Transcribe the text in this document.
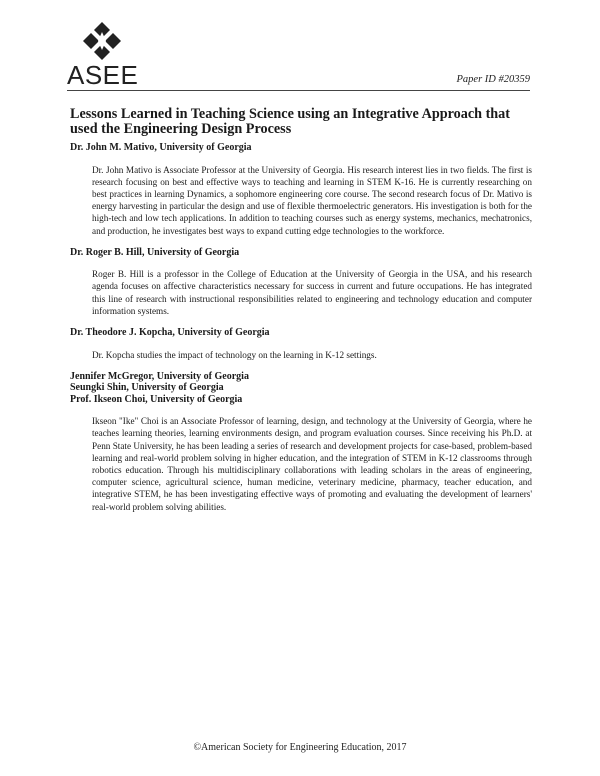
ASEE	Paper ID #20359
Lessons Learned in Teaching Science using an Integrative Approach that used the Engineering Design Process
Dr. John M. Mativo, University of Georgia

Dr. John Mativo is Associate Professor at the University of Georgia. His research interest lies in two fields. The first is research focusing on best and effective ways to teaching and learning in STEM K-16. He is currently researching on best practices in learning Dynamics, a sophomore engineering core course. The second research focus of Dr. Mativo is energy harvesting in particular the design and use of flexible thermoelectric generators. His investigation is both for the high-tech and low tech applications. In addition to teaching courses such as energy systems, mechanics, mechatronics, and production, he investigates best ways to expand cutting edge technologies to the workforce.

Dr. Roger B. Hill, University of Georgia

Roger B. Hill is a professor in the College of Education at the University of Georgia in the USA, and his research agenda focuses on affective characteristics necessary for success in current and future occupations. He has integrated this line of research with instructional responsibilities related to engineering and technology education and computer information systems.

Dr. Theodore J. Kopcha, University of Georgia

Dr. Kopcha studies the impact of technology on the learning in K-12 settings.

Jennifer McGregor, University of Georgia
Seungki Shin, University of Georgia
Prof. Ikseon Choi, University of Georgia

Ikseon "Ike" Choi is an Associate Professor of learning, design, and technology at the University of Georgia, where he teaches learning theories, learning environments design, and program evaluation courses. Since receiving his Ph.D. at Penn State University, he has been leading a series of research and development projects for case-based, problem-based learning and real-world problem solving in higher education, and the integration of STEM in K-12 classrooms through robotics education. Through his multidisciplinary collaborations with leading scholars in the areas of engineering, computer science, agricultural science, human medicine, veterinary medicine, pharmacy, teacher education, and integrative STEM, he has been investigating effective ways of promoting and evaluating the development of learners' real-world problem solving abilities.

©American Society for Engineering Education, 2017
